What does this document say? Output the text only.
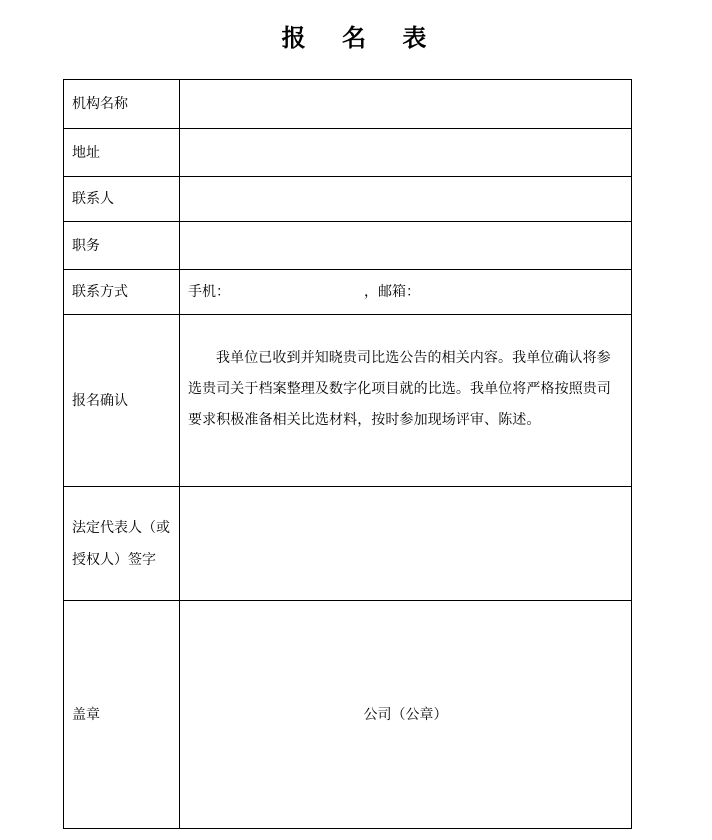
报 名 表
机构名称	
地址	
联系人	
职务	
联系方式	手机： ，邮箱：
报名确认	我单位已收到并知晓贵司比选公告的相关内容。我单位确认将参选贵司关于档案整理及数字化项目就的比选。我单位将严格按照贵司要求积极准备相关比选材料，按时参加现场评审、陈述。

法定代表人（或
授权人）签字	

盖章	公司（公章）
